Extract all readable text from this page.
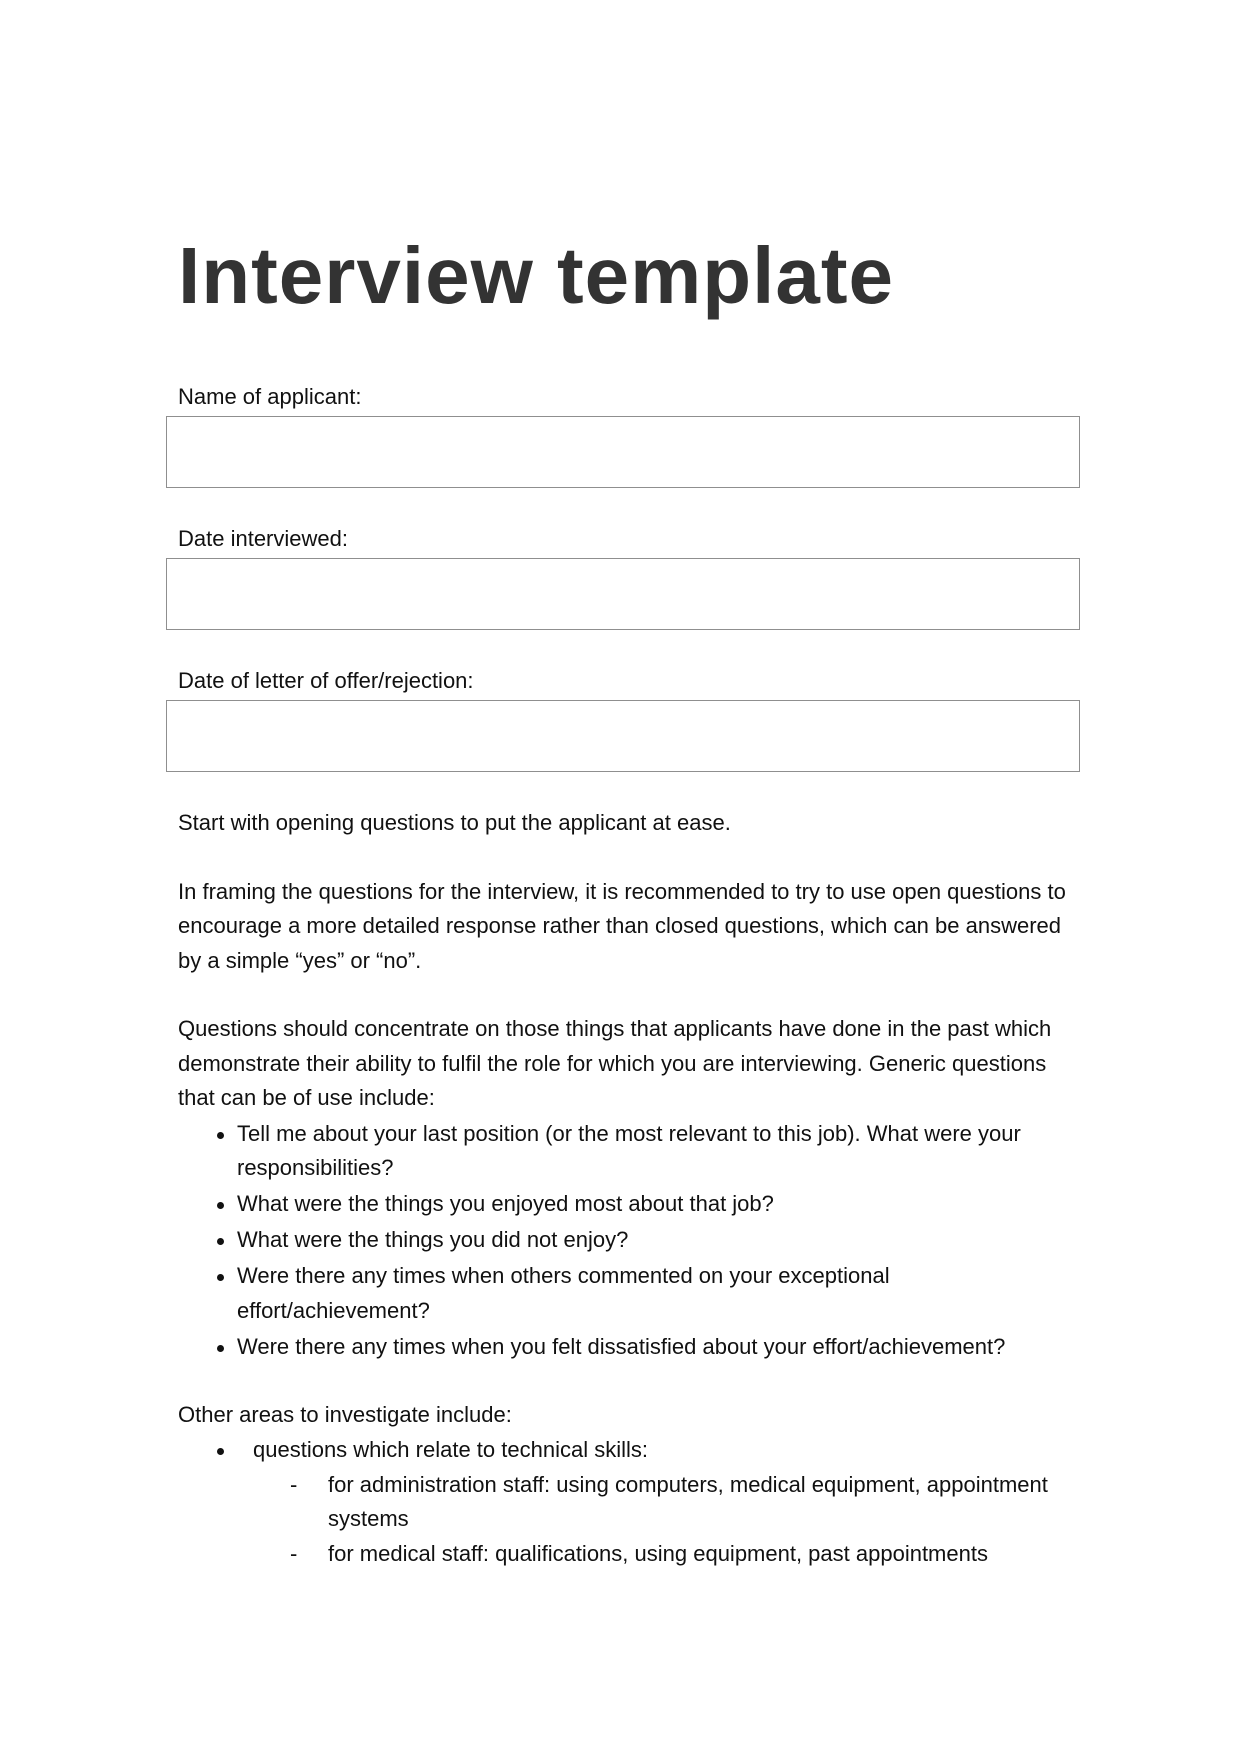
Interview template
Name of applicant:
Date interviewed:
Date of letter of offer/rejection:

Start with opening questions to put the applicant at ease.

In framing the questions for the interview, it is recommended to try to use open questions to encourage a more detailed response rather than closed questions, which can be answered by a simple “yes” or “no”.

Questions should concentrate on those things that applicants have done in the past which demonstrate their ability to fulfil the role for which you are interviewing. Generic questions that can be of use include:

Tell me about your last position (or the most relevant to this job). What were your responsibilities?
What were the things you enjoyed most about that job?
What were the things you did not enjoy?
Were there any times when others commented on your exceptional effort/achievement?
Were there any times when you felt dissatisfied about your effort/achievement?

Other areas to investigate include:

questions which relate to technical skills:
- for administration staff: using computers, medical equipment, appointment systems
- for medical staff: qualifications, using equipment, past appointments
